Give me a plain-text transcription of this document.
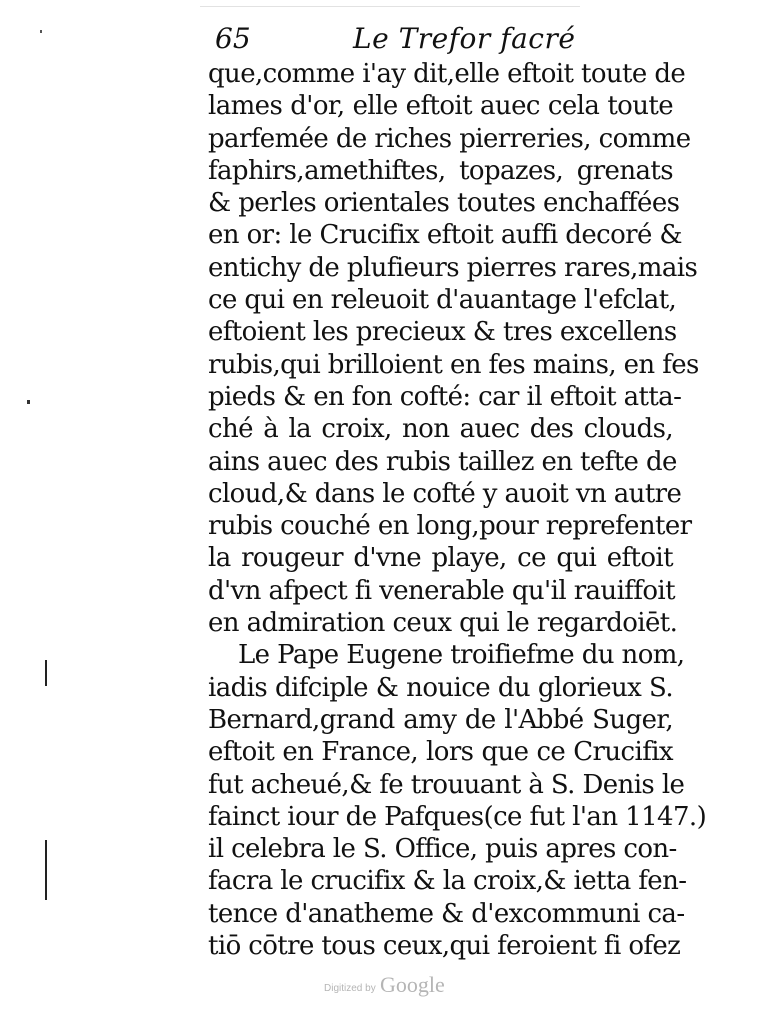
65	Le Trefor facré
que,comme i'ay dit,elle eftoit toute de
lames d'or, elle eftoit auec cela toute
parfemée de riches pierreries, comme
faphirs,amethiftes, topazes, grenats
& perles orientales toutes enchaffées
en or: le Crucifix eftoit auffi decoré &
entichy de plufieurs pierres rares,mais
ce qui en releuoit d'auantage l'efclat,
eftoient les precieux & tres excellens
rubis,qui brilloient en fes mains, en fes
pieds & en fon cofté: car il eftoit atta-
ché à la croix, non auec des clouds,
ains auec des rubis taillez en tefte de
cloud,& dans le cofté y auoit vn autre
rubis couché en long,pour reprefenter
la rougeur d'vne playe, ce qui eftoit
d'vn afpect fi venerable qu'il rauiffoit
en admiration ceux qui le regardoiēt.
Le Pape Eugene troifiefme du nom,
iadis difciple & nouice du glorieux S.
Bernard,grand amy de l'Abbé Suger,
eftoit en France, lors que ce Crucifix
fut acheué,& fe trouuant à S. Denis le
fainct iour de Pafques(ce fut l'an 1147.)
il celebra le S. Office, puis apres con-
facra le crucifix & la croix,& ietta fen-
tence d'anatheme & d'excommuni ca-
tiō cōtre tous ceux,qui feroient fi ofez
Digitized by Google
